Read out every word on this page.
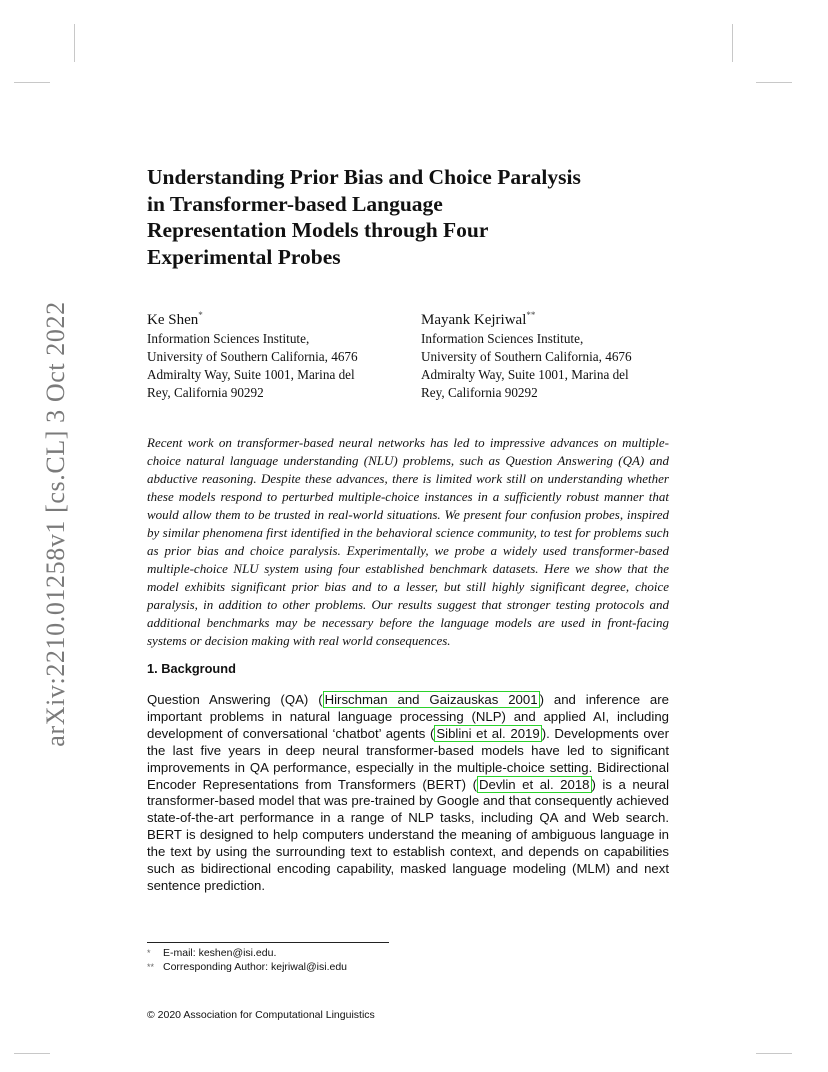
arXiv:2210.01258v1 [cs.CL] 3 Oct 2022
Understanding Prior Bias and Choice Paralysis in Transformer-based Language Representation Models through Four Experimental Probes
Ke Shen*
Information Sciences Institute,
University of Southern California, 4676
Admiralty Way, Suite 1001, Marina del
Rey, California 90292
Mayank Kejriwal**
Information Sciences Institute,
University of Southern California, 4676
Admiralty Way, Suite 1001, Marina del
Rey, California 90292
Recent work on transformer-based neural networks has led to impressive advances on multiple-choice natural language understanding (NLU) problems, such as Question Answering (QA) and abductive reasoning. Despite these advances, there is limited work still on understanding whether these models respond to perturbed multiple-choice instances in a sufficiently robust manner that would allow them to be trusted in real-world situations. We present four confusion probes, inspired by similar phenomena first identified in the behavioral science community, to test for problems such as prior bias and choice paralysis. Experimentally, we probe a widely used transformer-based multiple-choice NLU system using four established benchmark datasets. Here we show that the model exhibits significant prior bias and to a lesser, but still highly significant degree, choice paralysis, in addition to other problems. Our results suggest that stronger testing protocols and additional benchmarks may be necessary before the language models are used in front-facing systems or decision making with real world consequences.
1. Background
Question Answering (QA) ( Hirschman and Gaizauskas 2001 ) and inference are important problems in natural language processing (NLP) and applied AI, including development of conversational ‘chatbot’ agents ( Siblini et al. 2019 ). Developments over the last five years in deep neural transformer-based models have led to significant improvements in QA performance, especially in the multiple-choice setting. Bidirectional Encoder Representations from Transformers (BERT) ( Devlin et al. 2018 ) is a neural transformer-based model that was pre-trained by Google and that consequently achieved state-of-the-art performance in a range of NLP tasks, including QA and Web search. BERT is designed to help computers understand the meaning of ambiguous language in the text by using the surrounding text to establish context, and depends on capabilities such as bidirectional encoding capability, masked language modeling (MLM) and next sentence prediction.
* E-mail: keshen@isi.edu.
** Corresponding Author: kejriwal@isi.edu
© 2020 Association for Computational Linguistics
